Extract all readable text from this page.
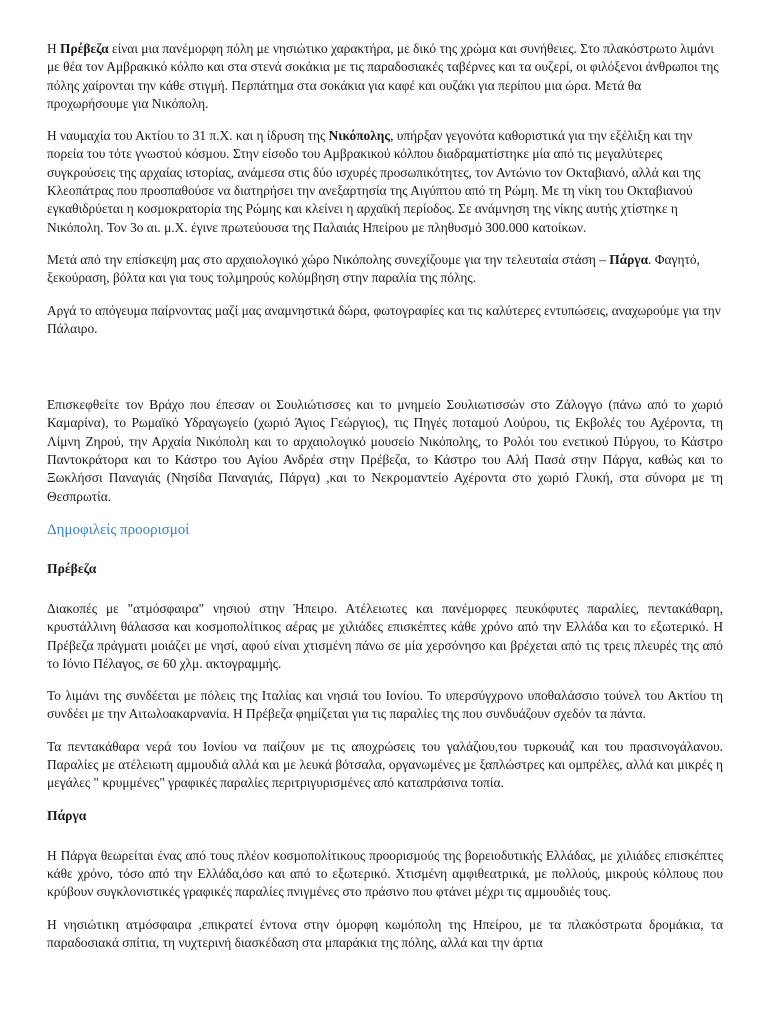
Η Πρέβεζα είναι μια πανέμορφη πόλη με νησιώτικο χαρακτήρα, με δικό της χρώμα και συνήθειες. Στο πλακόστρωτο λιμάνι με θέα τον Αμβρακικό κόλπο και στα στενά σοκάκια με τις παραδοσιακές ταβέρνες και τα ουζερί, οι φιλόξενοι άνθρωποι της πόλης χαίρονται την κάθε στιγμή. Περπάτημα στα σοκάκια για καφέ και ουζάκι για περίπου μια ώρα. Μετά θα προχωρήσουμε για Νικόπολη.

Η ναυμαχία του Ακτίου το 31 π.Χ. και η ίδρυση της Νικόπολης, υπήρξαν γεγονότα καθοριστικά για την εξέλιξη και την πορεία του τότε γνωστού κόσμου. Στην είσοδο του Αμβρακικού κόλπου διαδραματίστηκε μία από τις μεγαλύτερες συγκρούσεις της αρχαίας ιστορίας, ανάμεσα στις δύο ισχυρές προσωπικότητες, τον Αντώνιο τον Οκταβιανό, αλλά και της Κλεοπάτρας που προσπαθούσε να διατηρήσει την ανεξαρτησία της Αιγύπτου από τη Ρώμη. Με τη νίκη του Οκταβιανού εγκαθιδρύεται η κοσμοκρατορία της Ρώμης και κλείνει η αρχαϊκή περίοδος. Σε ανάμνηση της νίκης αυτής χτίστηκε η Νικόπολη. Τον 3ο αι. μ.Χ. έγινε πρωτεύουσα της Παλαιάς Ηπείρου με πληθυσμό 300.000 κατοίκων.

Μετά από την επίσκεψη μας στο αρχαιολογικό χώρο Νικόπολης συνεχίζουμε για την τελευταία στάση – Πάργα. Φαγητό, ξεκούραση, βόλτα και για τους τολμηρούς κολύμβηση στην παραλία της πόλης.

Αργά το απόγευμα παίρνοντας μαζί μας αναμνηστικά δώρα, φωτογραφίες και τις καλύτερες εντυπώσεις, αναχωρούμε για την Πάλαιρο.

Επισκεφθείτε τον Βράχο που έπεσαν οι Σουλιώτισσες και το μνημείο Σουλιωτισσών στο Ζάλογγο (πάνω από το χωριό Καμαρίνα), το Ρωμαϊκό Υδραγωγείο (χωριό Άγιος Γεώργιος), τις Πηγές ποταμού Λούρου, τις Εκβολές του Αχέροντα, τη Λίμνη Ζηρού, την Αρχαία Νικόπολη και το αρχαιολογικό μουσείο Νικόπολης, το Ρολόι του ενετικού Πύργου, το Κάστρο Παντοκράτορα και το Κάστρο του Αγίου Ανδρέα στην Πρέβεζα, το Κάστρο του Αλή Πασά στην Πάργα, καθώς και το Ξωκλήσσι Παναγιάς (Νησίδα Παναγιάς, Πάργα) ,και το Νεκρομαντείο Αχέροντα στο χωριό Γλυκή, στα σύνορα με τη Θεσπρωτία.

Δημοφιλείς προορισμοί
Πρέβεζα

Διακοπές με "ατμόσφαιρα" νησιού στην Ήπειρο. Ατέλειωτες και πανέμορφες πευκόφυτες παραλίες, πεντακάθαρη, κρυστάλλινη θάλασσα και κοσμοπολίτικος αέρας με χιλιάδες επισκέπτες κάθε χρόνο από την Ελλάδα και το εξωτερικό. Η Πρέβεζα πράγματι μοιάζει με νησί, αφού είναι χτισμένη πάνω σε μία χερσόνησο και βρέχεται από τις τρεις πλευρές της από το Ιόνιο Πέλαγος, σε 60 χλμ. ακτογραμμής.

Το λιμάνι της συνδέεται με πόλεις της Ιταλίας και νησιά του Ιονίου. Το υπερσύγχρονο υποθαλάσσιο τούνελ του Ακτίου τη συνδέει με την Αιτωλοακαρνανία. Η Πρέβεζα φημίζεται για τις παραλίες της που συνδυάζουν σχεδόν τα πάντα.

Τα πεντακάθαρα νερά του Ιονίου να παίζουν με τις αποχρώσεις του γαλάζιου,του τυρκουάζ και του πρασινογάλανου. Παραλίες με ατέλειωτη αμμουδιά αλλά και με λευκά βότσαλα, οργανωμένες με ξαπλώστρες και ομπρέλες, αλλά και μικρές η μεγάλες " κρυμμένες" γραφικές παραλίες περιτριγυρισμένες από καταπράσινα τοπία.

Πάργα

Η Πάργα θεωρείται ένας από τους πλέον κοσμοπολίτικους προορισμούς της βορειοδυτικής Ελλάδας, με χιλιάδες επισκέπτες κάθε χρόνο, τόσο από την Ελλάδα,όσο και από το εξωτερικό. Χτισμένη αμφιθεατρικά, με πολλούς, μικρούς κόλπους που κρύβουν συγκλονιστικές γραφικές παραλίες πνιγμένες στο πράσινο που φτάνει μέχρι τις αμμουδιές τους.

Η νησιώτικη ατμόσφαιρα ,επικρατεί έντονα στην όμορφη κωμόπολη της Ηπείρου, με τα πλακόστρωτα δρομάκια, τα παραδοσιακά σπίτια, τη νυχτερινή διασκέδαση στα μπαράκια της πόλης, αλλά και την άρτια
